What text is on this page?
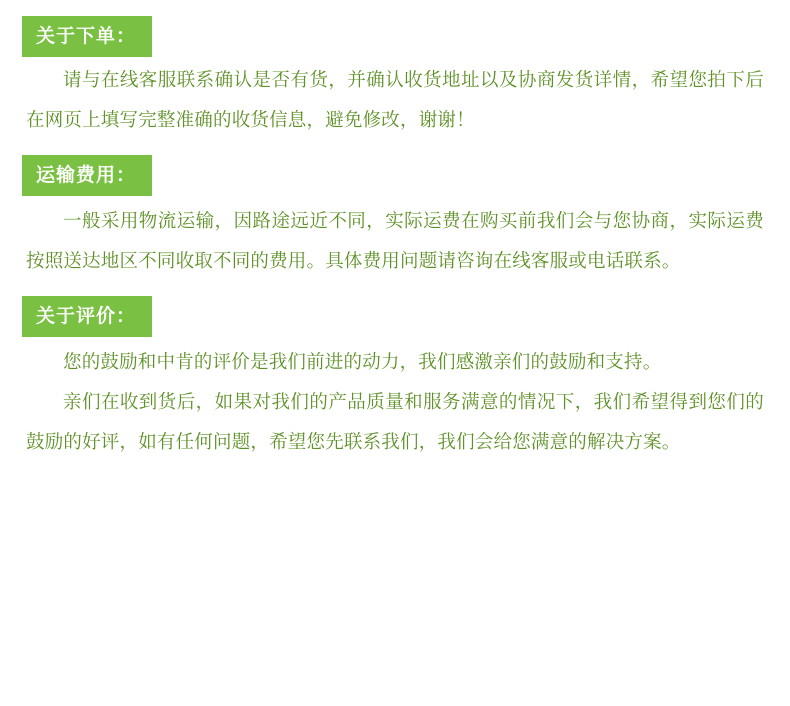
关于下单：

请与在线客服联系确认是否有货，并确认收货地址以及协商发货详情，希望您拍下后在网页上填写完整准确的收货信息，避免修改，谢谢！

运输费用：

一般采用物流运输，因路途远近不同，实际运费在购买前我们会与您协商，实际运费按照送达地区不同收取不同的费用。具体费用问题请咨询在线客服或电话联系。

关于评价：

您的鼓励和中肯的评价是我们前进的动力，我们感激亲们的鼓励和支持。

亲们在收到货后，如果对我们的产品质量和服务满意的情况下，我们希望得到您们的鼓励的好评，如有任何问题，希望您先联系我们，我们会给您满意的解决方案。
